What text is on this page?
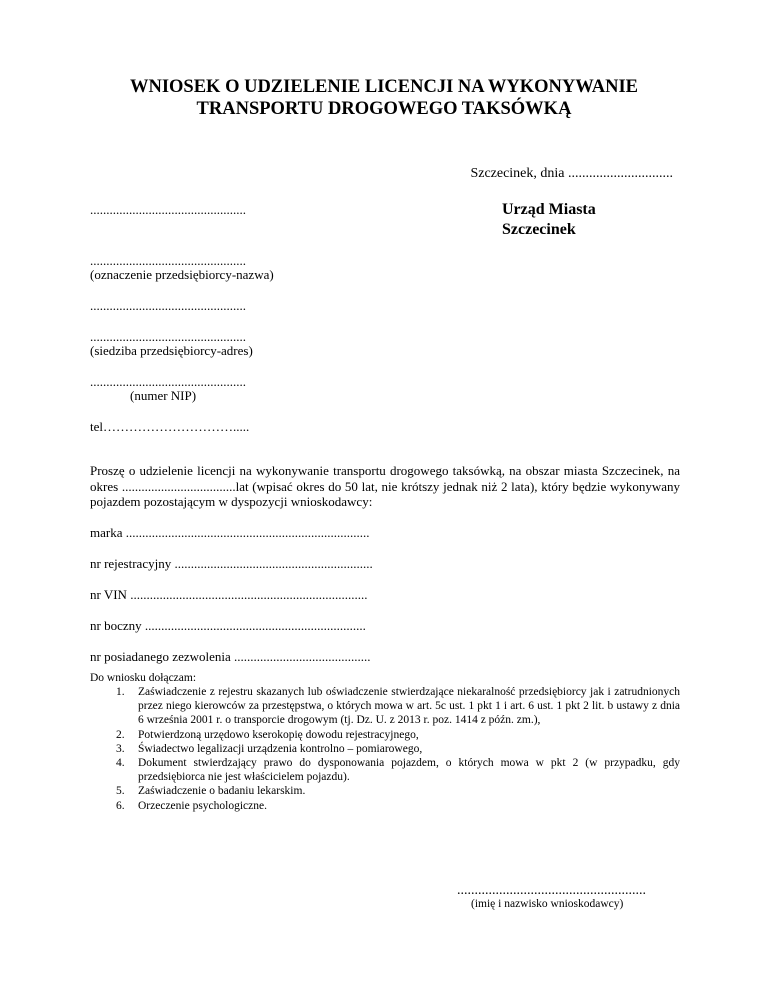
WNIOSEK O UDZIELENIE LICENCJI NA WYKONYWANIE
TRANSPORTU DROGOWEGO TAKSÓWKĄ
Szczecinek, dnia ..............................
Urząd Miasta
Szczecinek
................................................
................................................
(oznaczenie przedsiębiorcy-nazwa)
................................................
................................................
(siedziba przedsiębiorcy-adres)
................................................
(numer NIP)
tel………………………….....
Proszę o udzielenie licencji na wykonywanie transportu drogowego taksówką, na obszar miasta Szczecinek, na okres ...................................lat (wpisać okres do 50 lat, nie krótszy jednak niż 2 lata), który będzie wykonywany pojazdem pozostającym w dyspozycji wnioskodawcy:
marka ...........................................................................
nr rejestracyjny .............................................................
nr VIN .........................................................................
nr boczny ....................................................................
nr posiadanego zezwolenia ..........................................
Do wniosku dołączam:
1. Zaświadczenie z rejestru skazanych lub oświadczenie stwierdzające niekaralność przedsiębiorcy jak i zatrudnionych przez niego kierowców za przestępstwa, o których mowa w art. 5c ust. 1 pkt 1 i art. 6 ust. 1 pkt 2 lit. b ustawy z dnia 6 września 2001 r. o transporcie drogowym (tj. Dz. U. z 2013 r. poz. 1414 z późn. zm.),
2. Potwierdzoną urzędowo kserokopię dowodu rejestracyjnego,
3. Świadectwo legalizacji urządzenia kontrolno – pomiarowego,
4. Dokument stwierdzający prawo do dysponowania pojazdem, o których mowa w pkt 2 (w przypadku, gdy przedsiębiorca nie jest właścicielem pojazdu).
5. Zaświadczenie o badaniu lekarskim.
6. Orzeczenie psychologiczne.
......................................................
(imię i nazwisko wnioskodawcy)
